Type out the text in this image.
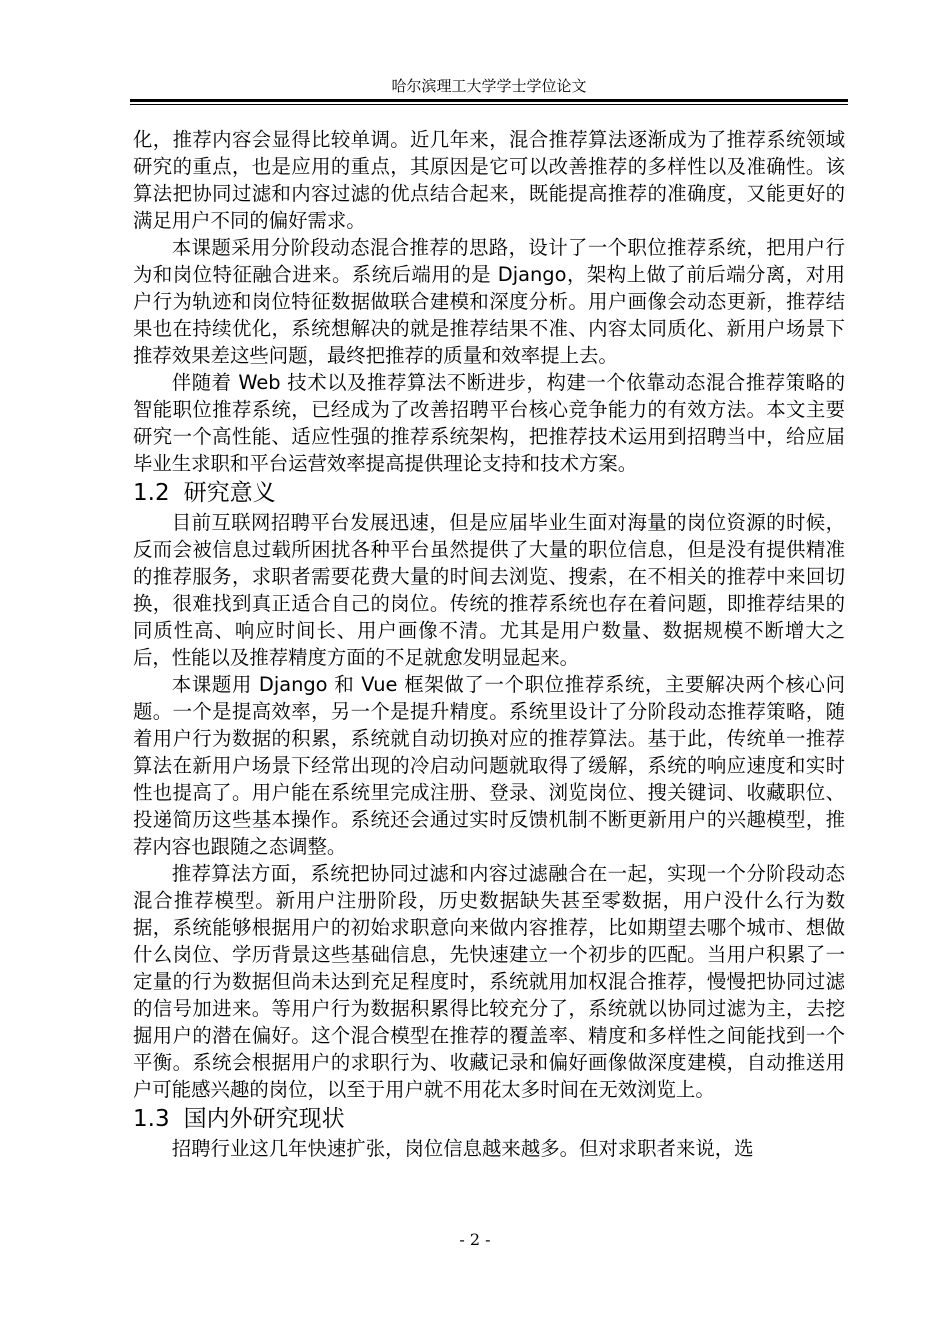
哈尔滨理工大学学士学位论文

化，推荐内容会显得比较单调。近几年来，混合推荐算法逐渐成为了推荐系统领域研究的重点，也是应用的重点，其原因是它可以改善推荐的多样性以及准确性。该算法把协同过滤和内容过滤的优点结合起来，既能提高推荐的准确度，又能更好的满足用户不同的偏好需求。

本课题采用分阶段动态混合推荐的思路，设计了一个职位推荐系统，把用户行为和岗位特征融合进来。系统后端用的是 Django，架构上做了前后端分离，对用户行为轨迹和岗位特征数据做联合建模和深度分析。用户画像会动态更新，推荐结果也在持续优化，系统想解决的就是推荐结果不准、内容太同质化、新用户场景下推荐效果差这些问题，最终把推荐的质量和效率提上去。

伴随着 Web 技术以及推荐算法不断进步，构建一个依靠动态混合推荐策略的智能职位推荐系统，已经成为了改善招聘平台核心竞争能力的有效方法。本文主要研究一个高性能、适应性强的推荐系统架构，把推荐技术运用到招聘当中，给应届毕业生求职和平台运营效率提高提供理论支持和技术方案。

1.2 研究意义

目前互联网招聘平台发展迅速，但是应届毕业生面对海量的岗位资源的时候，反而会被信息过载所困扰各种平台虽然提供了大量的职位信息，但是没有提供精准的推荐服务，求职者需要花费大量的时间去浏览、搜索，在不相关的推荐中来回切换，很难找到真正适合自己的岗位。传统的推荐系统也存在着问题，即推荐结果的同质性高、响应时间长、用户画像不清。尤其是用户数量、数据规模不断增大之后，性能以及推荐精度方面的不足就愈发明显起来。

本课题用 Django 和 Vue 框架做了一个职位推荐系统，主要解决两个核心问题。一个是提高效率，另一个是提升精度。系统里设计了分阶段动态推荐策略，随着用户行为数据的积累，系统就自动切换对应的推荐算法。基于此，传统单一推荐算法在新用户场景下经常出现的冷启动问题就取得了缓解，系统的响应速度和实时性也提高了。用户能在系统里完成注册、登录、浏览岗位、搜关键词、收藏职位、投递简历这些基本操作。系统还会通过实时反馈机制不断更新用户的兴趣模型，推荐内容也跟随之态调整。

推荐算法方面，系统把协同过滤和内容过滤融合在一起，实现一个分阶段动态混合推荐模型。新用户注册阶段，历史数据缺失甚至零数据，用户没什么行为数据，系统能够根据用户的初始求职意向来做内容推荐，比如期望去哪个城市、想做什么岗位、学历背景这些基础信息，先快速建立一个初步的匹配。当用户积累了一定量的行为数据但尚未达到充足程度时，系统就用加权混合推荐，慢慢把协同过滤的信号加进来。等用户行为数据积累得比较充分了，系统就以协同过滤为主，去挖掘用户的潜在偏好。这个混合模型在推荐的覆盖率、精度和多样性之间能找到一个平衡。系统会根据用户的求职行为、收藏记录和偏好画像做深度建模，自动推送用户可能感兴趣的岗位，以至于用户就不用花太多时间在无效浏览上。

1.3 国内外研究现状

招聘行业这几年快速扩张，岗位信息越来越多。但对求职者来说，选

- 2 -
